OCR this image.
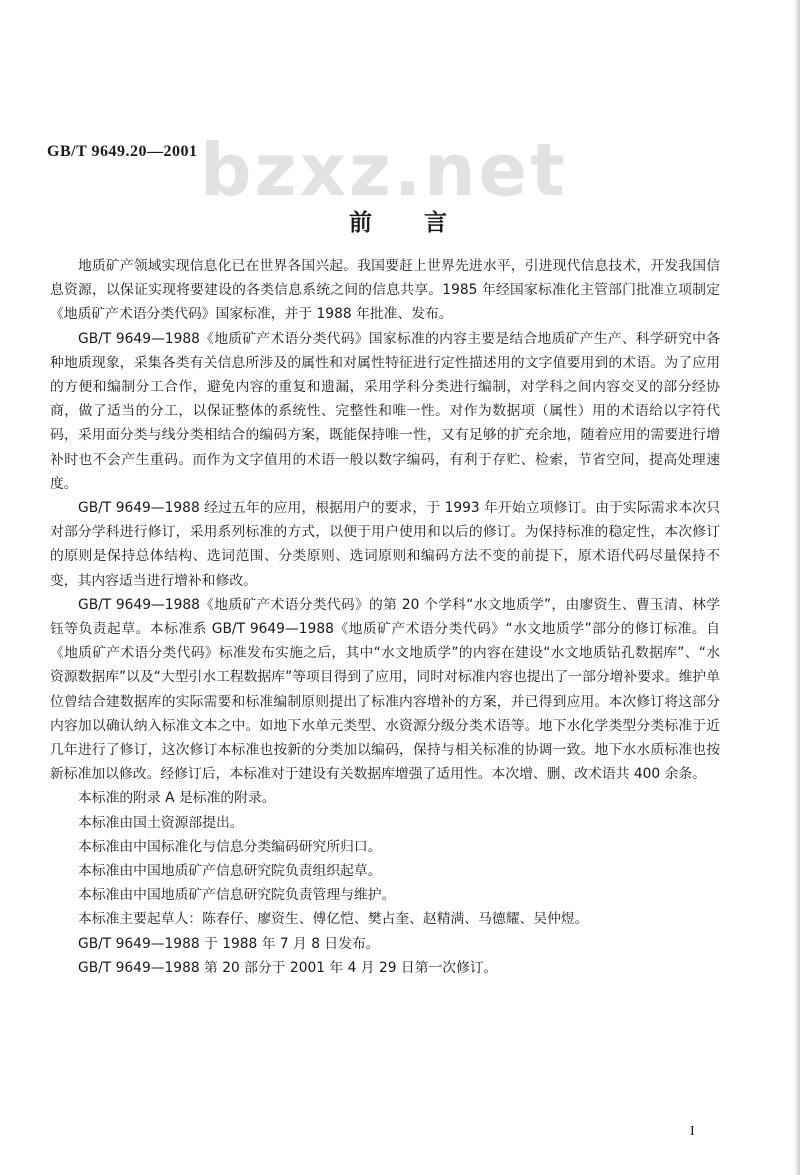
GB/T 9649.20—2001 bzxz.net
前 言

地质矿产领域实现信息化已在世界各国兴起。我国要赶上世界先进水平，引进现代信息技术，开发我国信息资源，以保证实现将要建设的各类信息系统之间的信息共享。1985 年经国家标准化主管部门批准立项制定《地质矿产术语分类代码》国家标准，并于 1988 年批准、发布。

GB/T 9649—1988《地质矿产术语分类代码》国家标准的内容主要是结合地质矿产生产、科学研究中各种地质现象，采集各类有关信息所涉及的属性和对属性特征进行定性描述用的文字值要用到的术语。为了应用的方便和编制分工合作，避免内容的重复和遗漏，采用学科分类进行编制，对学科之间内容交叉的部分经协商，做了适当的分工，以保证整体的系统性、完整性和唯一性。对作为数据项（属性）用的术语给以字符代码，采用面分类与线分类相结合的编码方案，既能保持唯一性，又有足够的扩充余地，随着应用的需要进行增补时也不会产生重码。而作为文字值用的术语一般以数字编码，有利于存贮、检索，节省空间，提高处理速度。

GB/T 9649—1988 经过五年的应用，根据用户的要求，于 1993 年开始立项修订。由于实际需求本次只对部分学科进行修订，采用系列标准的方式，以便于用户使用和以后的修订。为保持标准的稳定性，本次修订的原则是保持总体结构、选词范围、分类原则、选词原则和编码方法不变的前提下，原术语代码尽量保持不变，其内容适当进行增补和修改。

GB/T 9649—1988《地质矿产术语分类代码》的第 20 个学科“水文地质学”，由廖资生、曹玉清、林学钰等负责起草。本标准系 GB/T 9649—1988《地质矿产术语分类代码》“水文地质学”部分的修订标准。自《地质矿产术语分类代码》标准发布实施之后，其中“水文地质学”的内容在建设“水文地质钻孔数据库”、“水资源数据库”以及“大型引水工程数据库”等项目得到了应用，同时对标准内容也提出了一部分增补要求。维护单位曾结合建数据库的实际需要和标准编制原则提出了标准内容增补的方案，并已得到应用。本次修订将这部分内容加以确认纳入标准文本之中。如地下水单元类型、水资源分级分类术语等。地下水化学类型分类标准于近几年进行了修订，这次修订本标准也按新的分类加以编码，保持与相关标准的协调一致。地下水水质标准也按新标准加以修改。经修订后，本标准对于建设有关数据库增强了适用性。本次增、删、改术语共 400 余条。

本标准的附录 A 是标准的附录。

本标准由国土资源部提出。

本标准由中国标准化与信息分类编码研究所归口。

本标准由中国地质矿产信息研究院负责组织起草。

本标准由中国地质矿产信息研究院负责管理与维护。

本标准主要起草人：陈春仔、廖资生、傅亿恺、樊占奎、赵精满、马德耀、吴仲煜。

GB/T 9649—1988 于 1988 年 7 月 8 日发布。

GB/T 9649—1988 第 20 部分于 2001 年 4 月 29 日第一次修订。

I
